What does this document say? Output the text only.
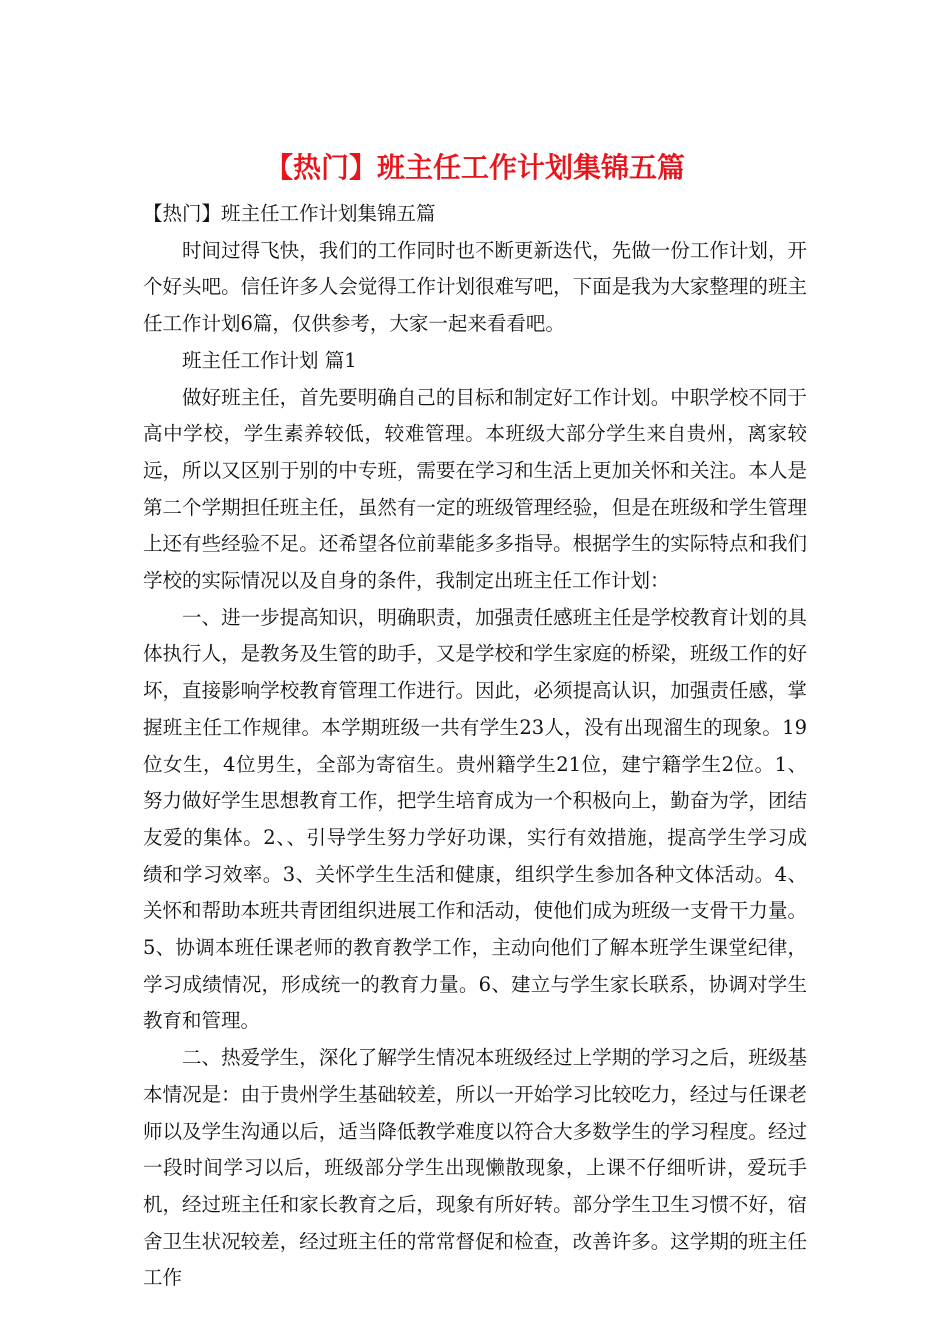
【热门】班主任工作计划集锦五篇

【热门】班主任工作计划集锦五篇

时间过得飞快，我们的工作同时也不断更新迭代，先做一份工作计划，开个好头吧。信任许多人会觉得工作计划很难写吧，下面是我为大家整理的班主任工作计划6篇，仅供参考，大家一起来看看吧。

班主任工作计划 篇1

做好班主任，首先要明确自己的目标和制定好工作计划。中职学校不同于高中学校，学生素养较低，较难管理。本班级大部分学生来自贵州，离家较远，所以又区别于别的中专班，需要在学习和生活上更加关怀和关注。本人是第二个学期担任班主任，虽然有一定的班级管理经验，但是在班级和学生管理上还有些经验不足。还希望各位前辈能多多指导。根据学生的实际特点和我们学校的实际情况以及自身的条件，我制定出班主任工作计划：

一、进一步提高知识，明确职责，加强责任感班主任是学校教育计划的具体执行人，是教务及生管的助手，又是学校和学生家庭的桥梁，班级工作的好坏，直接影响学校教育管理工作进行。因此，必须提高认识，加强责任感，掌握班主任工作规律。本学期班级一共有学生23人，没有出现溜生的现象。19位女生，4位男生，全部为寄宿生。贵州籍学生21位，建宁籍学生2位。1、努力做好学生思想教育工作，把学生培育成为一个积极向上，勤奋为学，团结友爱的集体。2、、引导学生努力学好功课，实行有效措施，提高学生学习成绩和学习效率。3、关怀学生生活和健康，组织学生参加各种文体活动。4、关怀和帮助本班共青团组织进展工作和活动，使他们成为班级一支骨干力量。5、协调本班任课老师的教育教学工作，主动向他们了解本班学生课堂纪律，学习成绩情况，形成统一的教育力量。6、建立与学生家长联系，协调对学生教育和管理。

二、热爱学生，深化了解学生情况本班级经过上学期的学习之后，班级基本情况是：由于贵州学生基础较差，所以一开始学习比较吃力，经过与任课老师以及学生沟通以后，适当降低教学难度以符合大多数学生的学习程度。经过一段时间学习以后，班级部分学生出现懒散现象，上课不仔细听讲，爱玩手机，经过班主任和家长教育之后，现象有所好转。部分学生卫生习惯不好，宿舍卫生状况较差，经过班主任的常常督促和检查，改善许多。这学期的班主任工作
